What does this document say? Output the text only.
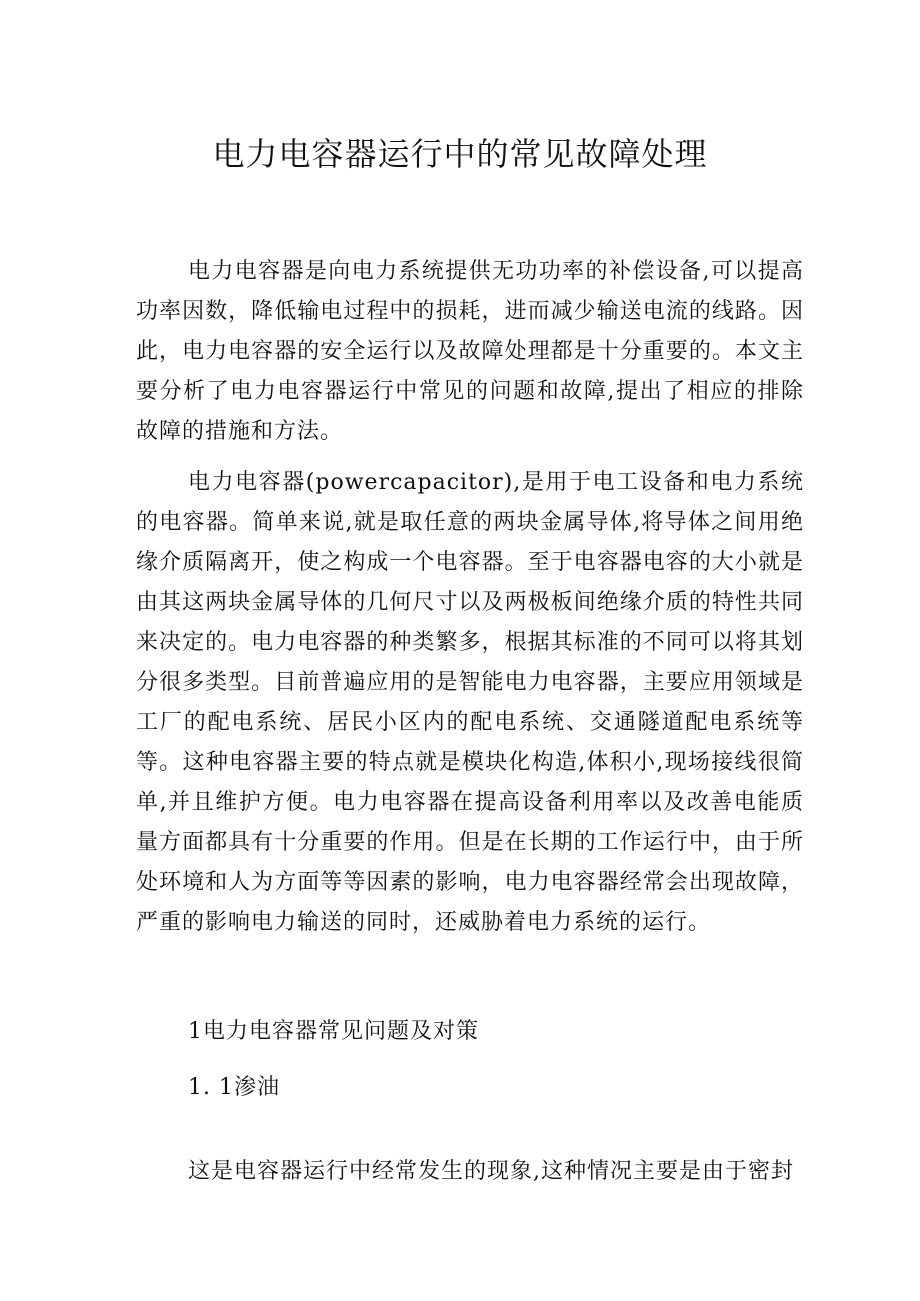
电力电容器运行中的常见故障处理

电力电容器是向电力系统提供无功功率的补偿设备,可以提高功率因数，降低输电过程中的损耗，进而减少输送电流的线路。因此，电力电容器的安全运行以及故障处理都是十分重要的。本文主要分析了电力电容器运行中常见的问题和故障,提出了相应的排除故障的措施和方法。

电力电容器(powercapacitor),是用于电工设备和电力系统的电容器。简单来说,就是取任意的两块金属导体,将导体之间用绝缘介质隔离开，使之构成一个电容器。至于电容器电容的大小就是由其这两块金属导体的几何尺寸以及两极板间绝缘介质的特性共同来决定的。电力电容器的种类繁多，根据其标准的不同可以将其划分很多类型。目前普遍应用的是智能电力电容器，主要应用领域是工厂的配电系统、居民小区内的配电系统、交通隧道配电系统等等。这种电容器主要的特点就是模块化构造,体积小,现场接线很简单,并且维护方便。电力电容器在提高设备利用率以及改善电能质量方面都具有十分重要的作用。但是在长期的工作运行中，由于所处环境和人为方面等等因素的影响，电力电容器经常会出现故障，严重的影响电力输送的同时，还威胁着电力系统的运行。

1电力电容器常见问题及对策
1. 1渗油

这是电容器运行中经常发生的现象,这种情况主要是由于密封
